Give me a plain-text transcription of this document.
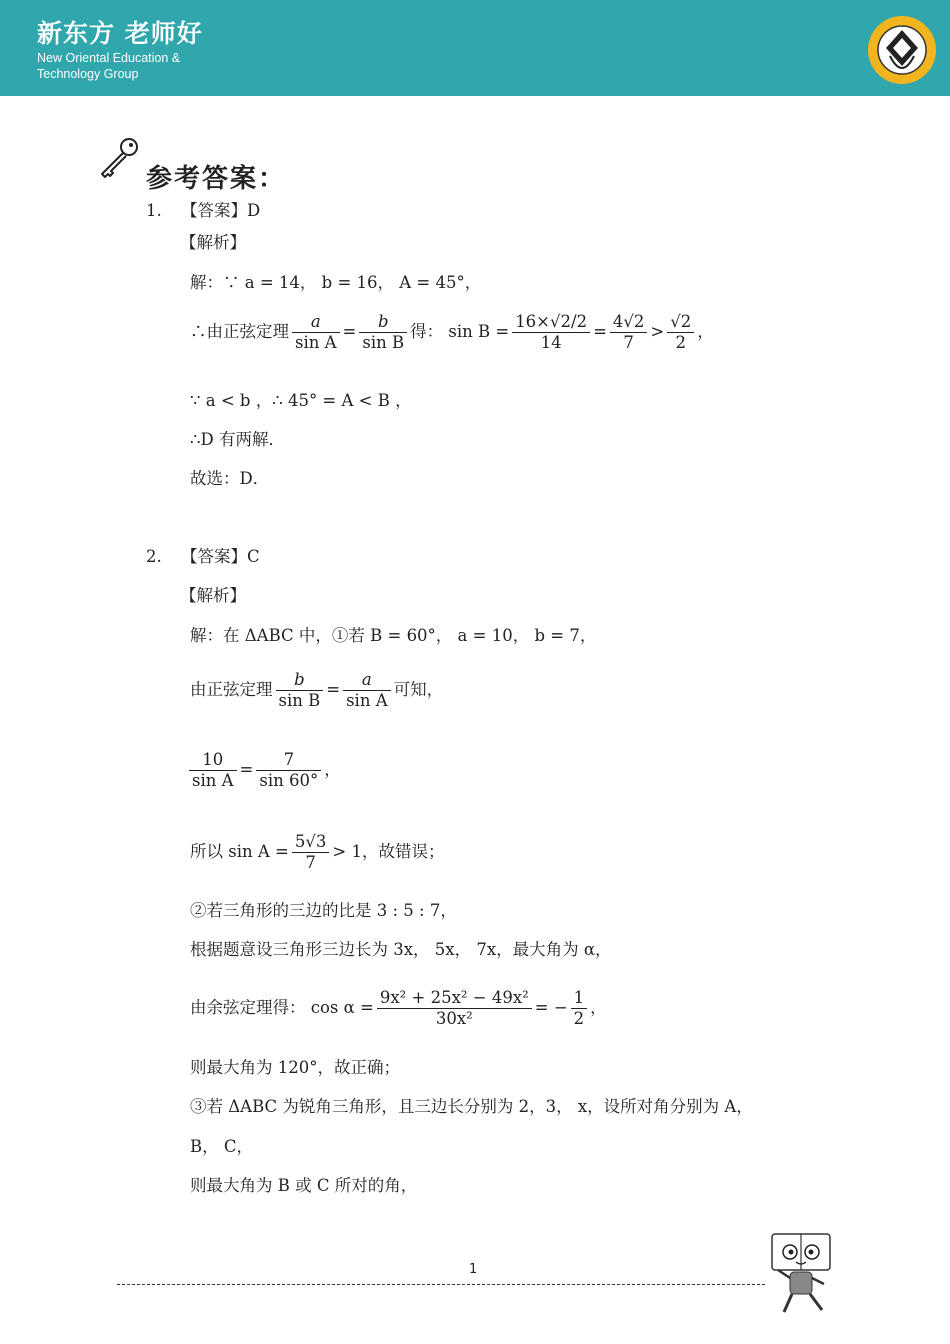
新东方 老师好
New Oriental Education &
Technology Group
参考答案：
1. 【答案】D
【解析】
解：∵ a = 14， b = 16， A = 45°，
∴由正弦定理 $\frac{a}{\text{sin A}} = \frac{b}{\text{sin B}}$ 得： $\sin B = \frac{16\times√2/2}{14} = \frac{4√2}{7} > \frac{√2}{2}$ ，
∵ a < b ，∴ 45° = A < B ，
∴D 有两解．
故选：D．
2. 【答案】C
【解析】
解：在 ΔABC 中，①若 B = 60°， a = 10， b = 7，
由正弦定理 $\frac{b}{\text{sin B}} = \frac{a}{\text{sin A}}$ 可知，
$\frac{10}{\text{sin A}} = \frac{7}{\sin 60^\circ}$ ，
所以 $\sin A = \frac{5√3}{7} > 1$，故错误；
②若三角形的三边的比是 3 : 5 : 7，
根据题意设三角形三边长为 3x， 5x， 7x，最大角为 α，
由余弦定理得： $\cos \alpha = \frac{\text{9x² + 25x² − 49x²}}{\text{30x²}}$ = − $\frac{1}{2}$ ，
则最大角为 120°，故正确；
③若 ΔABC 为锐角三角形，且三边长分别为 2，3， x，设所对角分别为 A，
B， C，
则最大角为 B 或 C 所对的角，
1
